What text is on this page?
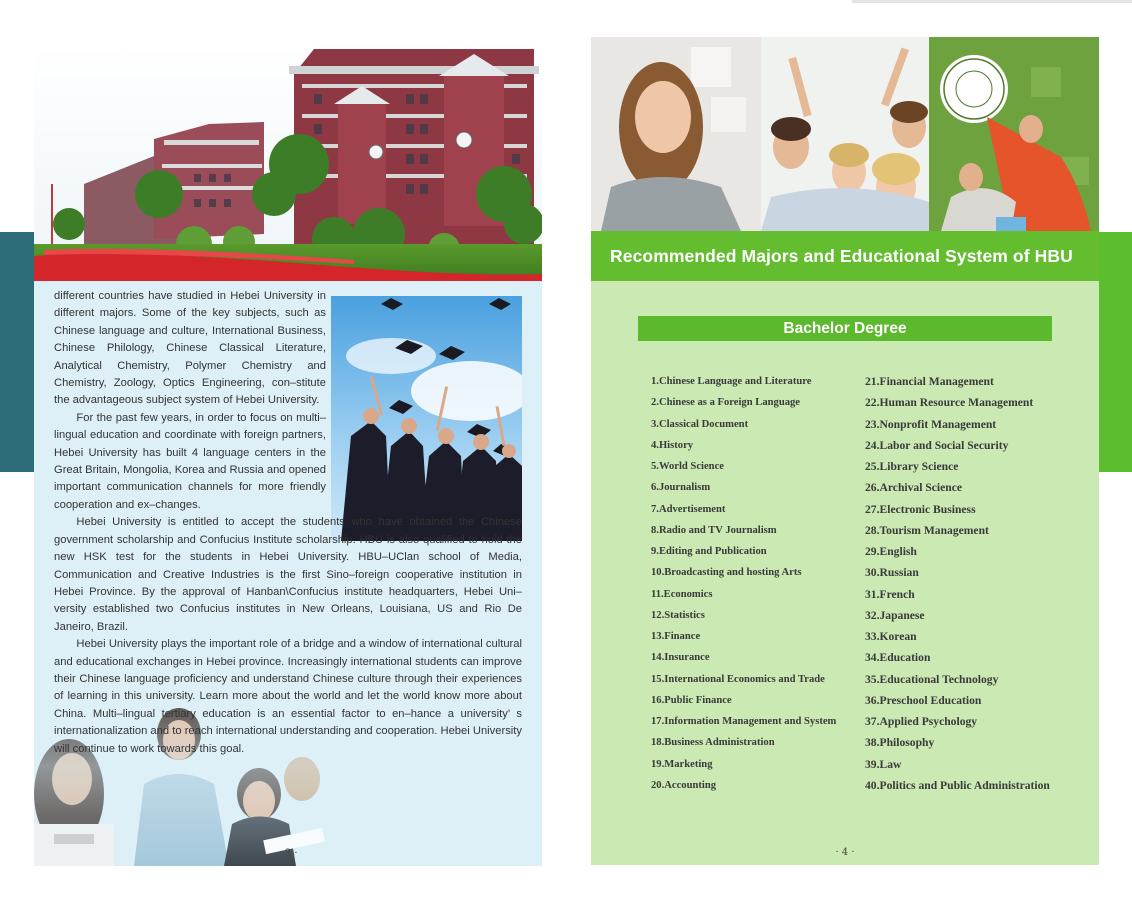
different countries have studied in Hebei University in different majors. Some of the key subjects, such as Chinese language and culture, International Business, Chinese Philology, Chinese Classical Literature, Analytical Chemistry, Polymer Chemistry and Chemistry, Zoology, Optics Engineering, con–stitute the advantageous subject system of Hebei University.

For the past few years, in order to focus on multi–lingual education and coordinate with foreign partners, Hebei University has built 4 language centers in the Great Britain, Mongolia, Korea and Russia and opened important communication channels for more friendly cooperation and ex–changes.

Hebei University is entitled to accept the students who have obtained the Chinese government scholarship and Confucius Institute scholarship. HBU is also qualified to hold the new HSK test for the students in Hebei University. HBU–UClan school of Media, Communication and Creative Industries is the first Sino–foreign cooperative institution in Hebei Province. By the approval of Hanban\Confucius institute headquarters, Hebei Uni–versity established two Confucius institutes in New Orleans, Louisiana, US and Rio De Janeiro, Brazil.

Hebei University plays the important role of a bridge and a window of international cultural and educational exchanges in Hebei province. Increasingly international students can improve their Chinese language proficiency and understand Chinese culture through their experiences of learning in this university. Learn more about the world and let the world know more about China. Multi–lingual tertiary education is an essential factor to en–hance a university’ s internationalization and to reach international understanding and cooperation. Hebei University will continue to work towards this goal.

· 3 ·
Recommended Majors and Educational System of HBU
Bachelor Degree
1.Chinese Language and Literature
2.Chinese as a Foreign Language
3.Classical Document
4.History
5.World Science
6.Journalism
7.Advertisement
8.Radio and TV Journalism
9.Editing and Publication
10.Broadcasting and hosting Arts
11.Economics
12.Statistics
13.Finance
14.Insurance
15.International Economics and Trade
16.Public Finance
17.Information Management and System
18.Business Administration
19.Marketing
20.Accounting
21.Financial Management
22.Human Resource Management
23.Nonprofit Management
24.Labor and Social Security
25.Library Science
26.Archival Science
27.Electronic Business
28.Tourism Management
29.English
30.Russian
31.French
32.Japanese
33.Korean
34.Education
35.Educational Technology
36.Preschool Education
37.Applied Psychology
38.Philosophy
39.Law
40.Politics and Public Administration
· 4 ·
